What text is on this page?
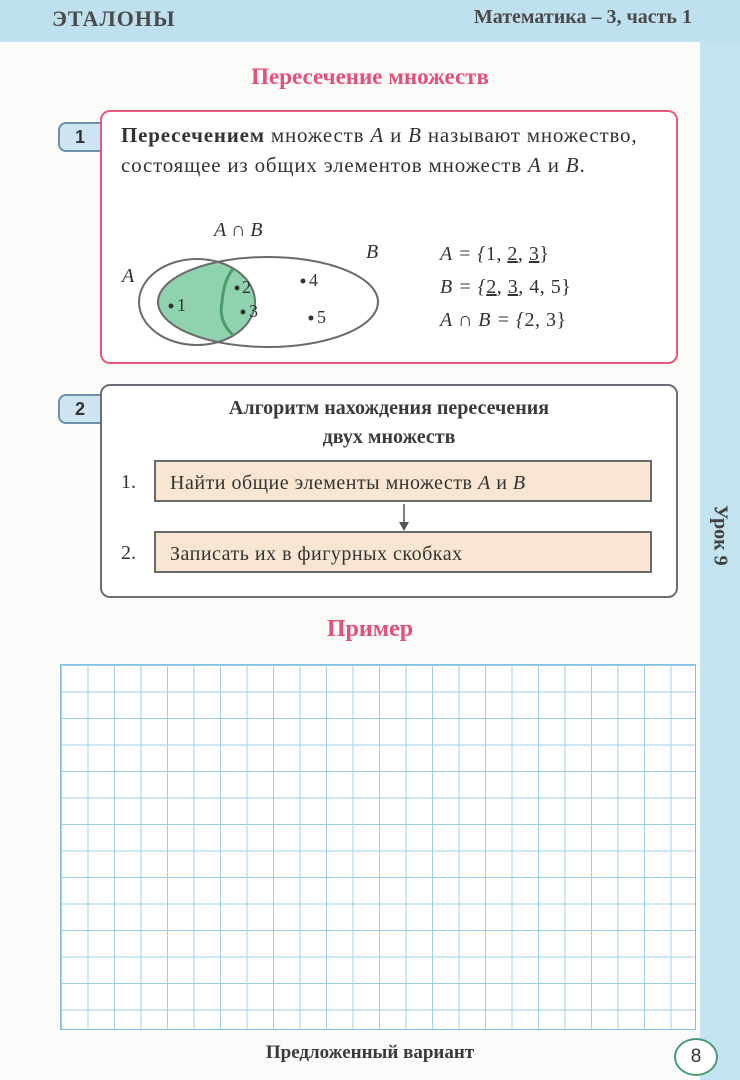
ЭТАЛОНЫ	Математика – 3, часть 1
Урок 9
Пересечение множеств
1	Пересечением множеств A и B называют множество, состоящее из общих элементов множеств A и B.
A ∩ B
A
B
1
2
3
4
5
A = {1, 2, 3}
B = {2, 3, 4, 5}
A ∩ B = {2, 3}
2	Алгоритм нахождения пересечения
двух множеств
1.	Найти общие элементы множеств A и B
2.	Записать их в фигурных скобках
Пример
Предложенный вариант	8
